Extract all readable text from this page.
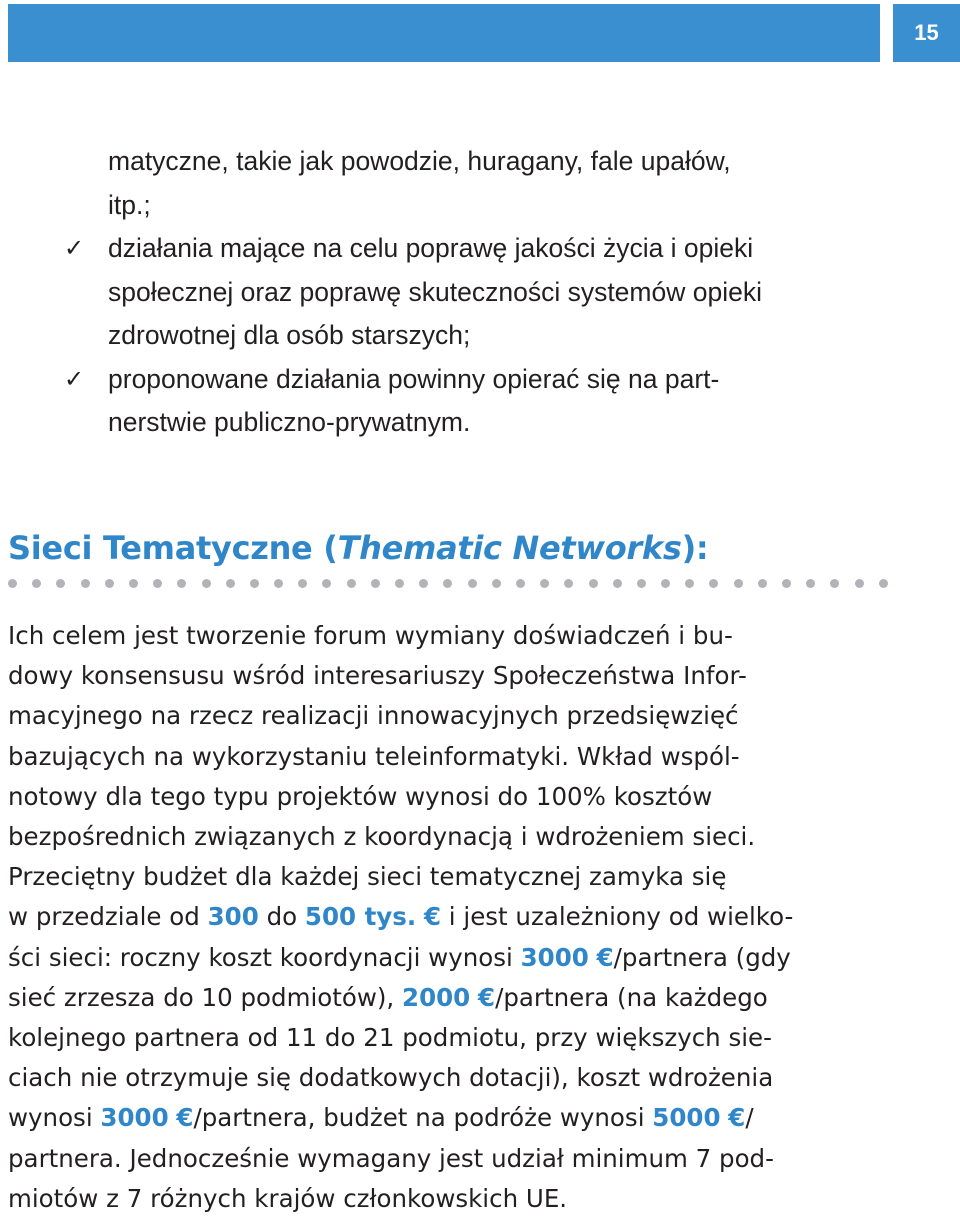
15
matyczne, takie jak powodzie, huragany, fale upałów,
itp.;
✓ działania mające na celu poprawę jakości życia i opieki
społecznej oraz poprawę skuteczności systemów opieki
zdrowotnej dla osób starszych;
✓ proponowane działania powinny opierać się na part-
nerstwie publiczno-prywatnym.
Sieci Tematyczne (Thematic Networks):
Ich celem jest tworzenie forum wymiany doświadczeń i bu-
dowy konsensusu wśród interesariuszy Społeczeństwa Infor-
macyjnego na rzecz realizacji innowacyjnych przedsięwzięć
bazujących na wykorzystaniu teleinformatyki. Wkład wspól-
notowy dla tego typu projektów wynosi do 100% kosztów
bezpośrednich związanych z koordynacją i wdrożeniem sieci.
Przeciętny budżet dla każdej sieci tematycznej zamyka się
w przedziale od 300 do 500 tys. € i jest uzależniony od wielko-
ści sieci: roczny koszt koordynacji wynosi 3000 €/partnera (gdy
sieć zrzesza do 10 podmiotów), 2000 €/partnera (na każdego
kolejnego partnera od 11 do 21 podmiotu, przy większych sie-
ciach nie otrzymuje się dodatkowych dotacji), koszt wdrożenia
wynosi 3000 €/partnera, budżet na podróże wynosi 5000 €/
partnera. Jednocześnie wymagany jest udział minimum 7 pod-
miotów z 7 różnych krajów członkowskich UE.
